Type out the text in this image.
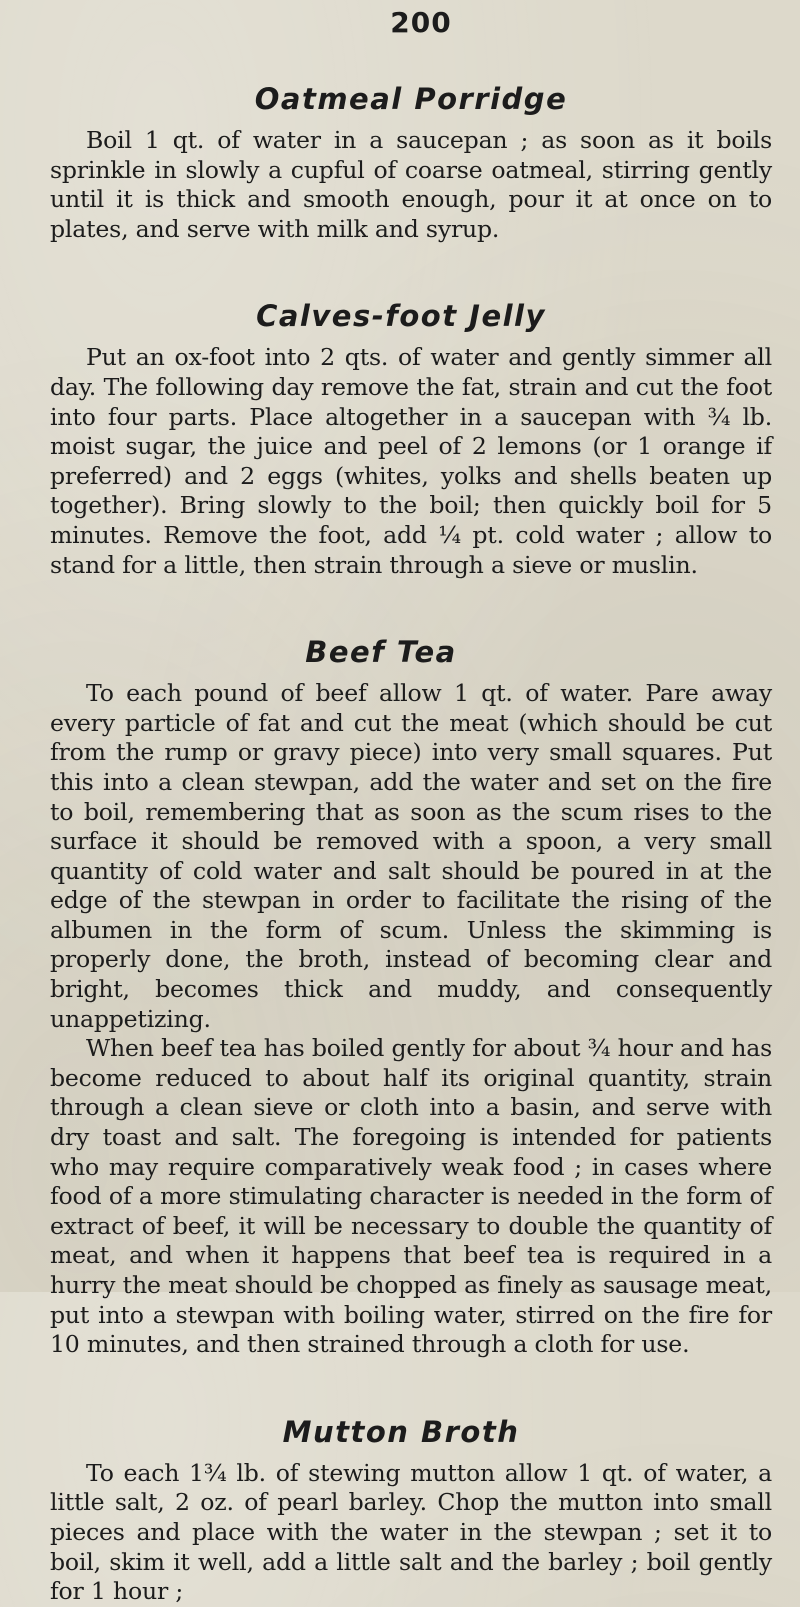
200
Oatmeal Porridge

Boil 1 qt. of water in a saucepan ; as soon as it boils sprinkle in slowly a cupful of coarse oatmeal, stirring gently until it is thick and smooth enough, pour it at once on to plates, and serve with milk and syrup.

Calves-foot Jelly

Put an ox-foot into 2 qts. of water and gently simmer all day. The following day remove the fat, strain and cut the foot into four parts. Place altogether in a saucepan with ¾ lb. moist sugar, the juice and peel of 2 lemons (or 1 orange if preferred) and 2 eggs (whites, yolks and shells beaten up together). Bring slowly to the boil; then quickly boil for 5 minutes. Remove the foot, add ¼ pt. cold water ; allow to stand for a little, then strain through a sieve or muslin.

Beef Tea

To each pound of beef allow 1 qt. of water. Pare away every particle of fat and cut the meat (which should be cut from the rump or gravy piece) into very small squares. Put this into a clean stewpan, add the water and set on the fire to boil, remembering that as soon as the scum rises to the surface it should be removed with a spoon, a very small quantity of cold water and salt should be poured in at the edge of the stewpan in order to facilitate the rising of the albumen in the form of scum. Unless the skimming is properly done, the broth, instead of becoming clear and bright, becomes thick and muddy, and consequently unappetizing.

When beef tea has boiled gently for about ¾ hour and has become reduced to about half its original quantity, strain through a clean sieve or cloth into a basin, and serve with dry toast and salt. The foregoing is intended for patients who may require comparatively weak food ; in cases where food of a more stimulating character is needed in the form of extract of beef, it will be necessary to double the quantity of meat, and when it happens that beef tea is required in a hurry the meat should be chopped as finely as sausage meat, put into a stewpan with boiling water, stirred on the fire for 10 minutes, and then strained through a cloth for use.

Mutton Broth

To each 1¾ lb. of stewing mutton allow 1 qt. of water, a little salt, 2 oz. of pearl barley. Chop the mutton into small pieces and place with the water in the stewpan ; set it to boil, skim it well, add a little salt and the barley ; boil gently for 1 hour ;
